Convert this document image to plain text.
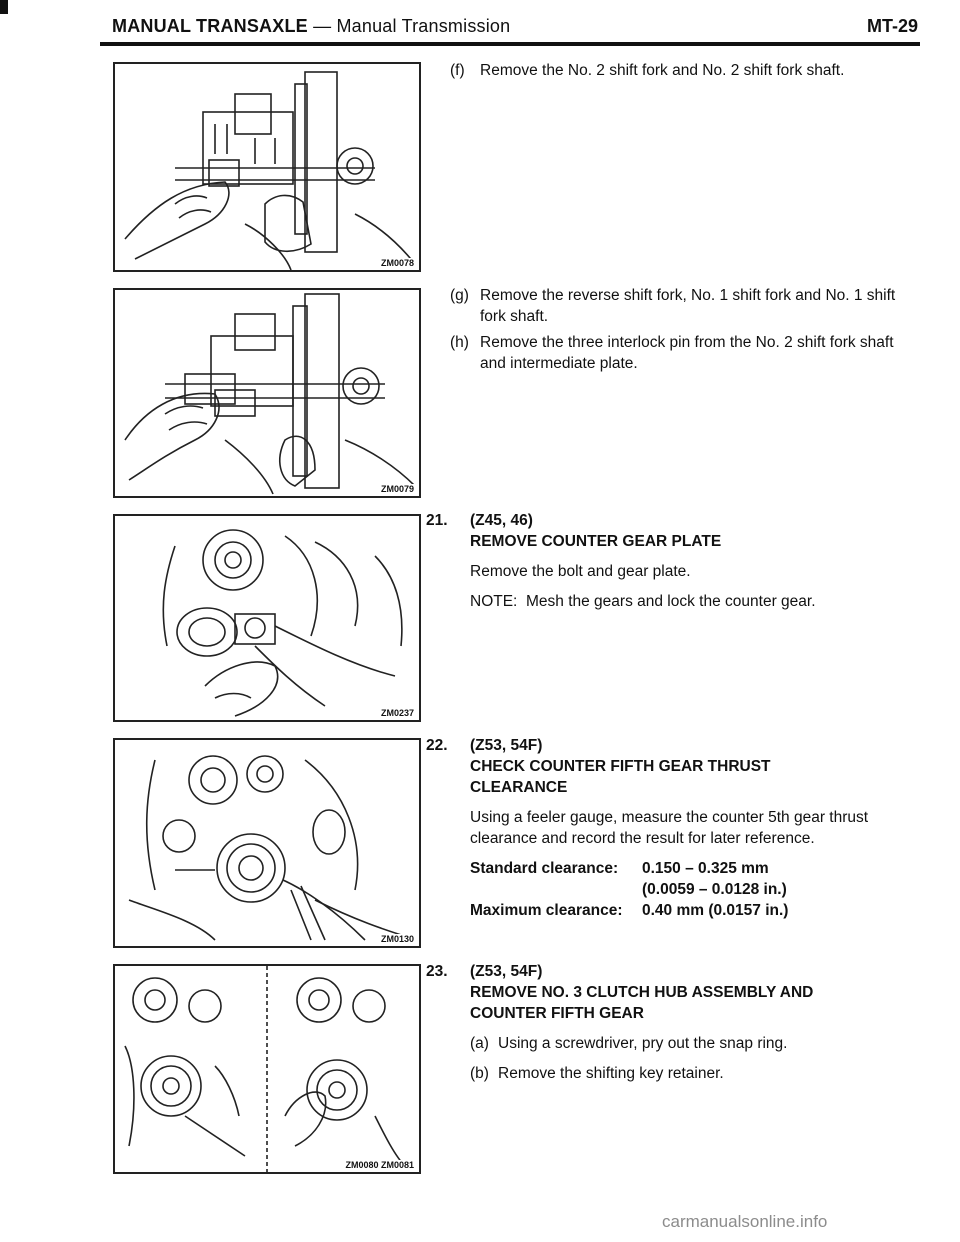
MANUAL TRANSAXLE — Manual Transmission	MT-29
ZM0078
ZM0079
ZM0237
ZM0130
ZM0080 ZM0081
(f) Remove the No. 2 shift fork and No. 2 shift fork shaft.
(g) Remove the reverse shift fork, No. 1 shift fork and No. 1 shift fork shaft.
(h) Remove the three interlock pin from the No. 2 shift fork shaft and intermediate plate.
21. (Z45, 46)
REMOVE COUNTER GEAR PLATE
Remove the bolt and gear plate.
NOTE: Mesh the gears and lock the counter gear.
22. (Z53, 54F)
CHECK COUNTER FIFTH GEAR THRUST
CLEARANCE
Using a feeler gauge, measure the counter 5th gear thrust clearance and record the result for later reference.
Standard clearance:	0.150 – 0.325 mm
(0.0059 – 0.0128 in.)
Maximum clearance:	0.40 mm (0.0157 in.)
23. (Z53, 54F)
REMOVE NO. 3 CLUTCH HUB ASSEMBLY AND
COUNTER FIFTH GEAR
(a) Using a screwdriver, pry out the snap ring.
(b) Remove the shifting key retainer.
carmanualsonline.info
